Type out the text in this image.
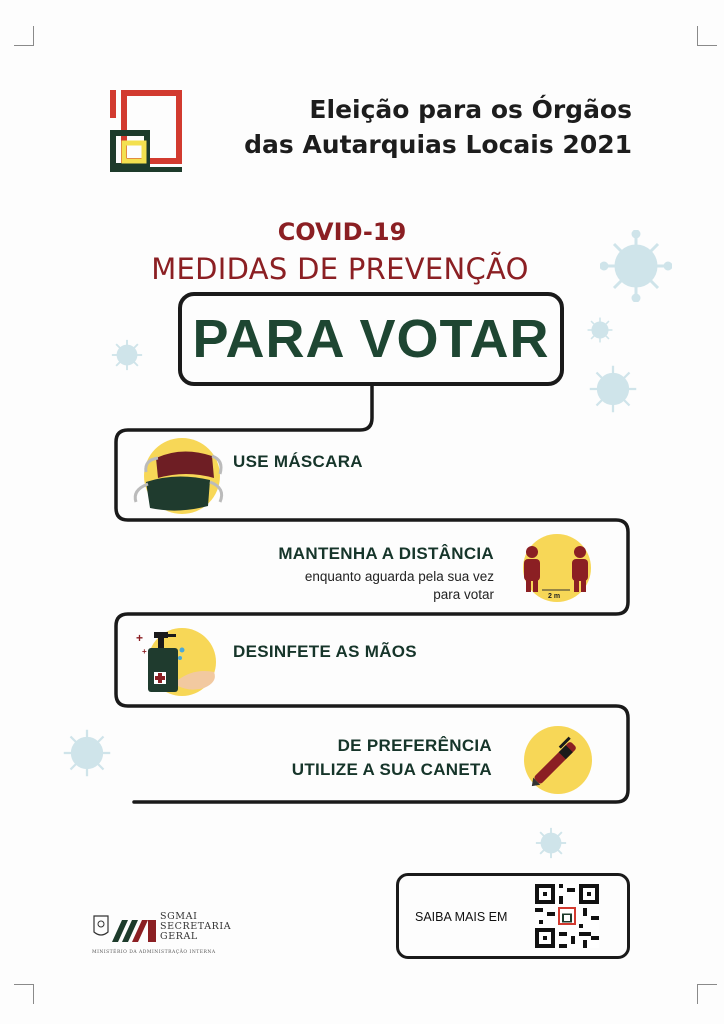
Eleição para os Órgãos
das Autarquias Locais 2021
COVID-19
MEDIDAS DE PREVENÇÃO
PARA VOTAR
USE MÁSCARA
MANTENHA A DISTÂNCIA
enquanto aguarda pela sua vez
para votar	2 m
+
+	DESINFETE AS MÃOS
DE PREFERÊNCIA
UTILIZE A SUA CANETA
SAIBA MAIS EM
SGMAI
SECRETARIA
GERAL
MINISTÉRIO DA ADMINISTRAÇÃO INTERNA
